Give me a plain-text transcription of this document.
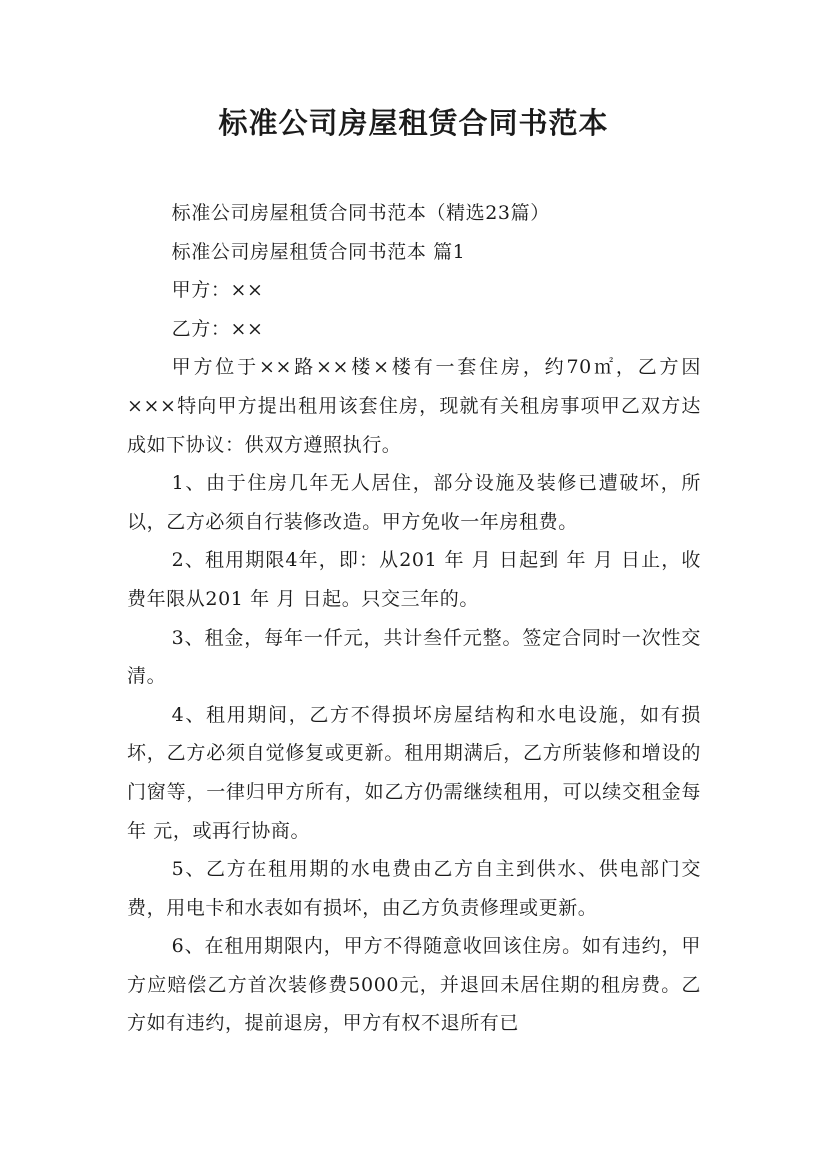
标准公司房屋租赁合同书范本

标准公司房屋租赁合同书范本（精选23篇）

标准公司房屋租赁合同书范本 篇1

甲方：××

乙方：××

甲方位于××路××楼×楼有一套住房，约70㎡，乙方因×××特向甲方提出租用该套住房，现就有关租房事项甲乙双方达成如下协议：供双方遵照执行。

1、由于住房几年无人居住，部分设施及装修已遭破坏，所以，乙方必须自行装修改造。甲方免收一年房租费。

2、租用期限4年，即：从201 年 月 日起到 年 月 日止，收费年限从201 年 月 日起。只交三年的。

3、租金，每年一仟元，共计叁仟元整。签定合同时一次性交清。

4、租用期间，乙方不得损坏房屋结构和水电设施，如有损坏，乙方必须自觉修复或更新。租用期满后，乙方所装修和增设的门窗等，一律归甲方所有，如乙方仍需继续租用，可以续交租金每年 元，或再行协商。

5、乙方在租用期的水电费由乙方自主到供水、供电部门交费，用电卡和水表如有损坏，由乙方负责修理或更新。

6、在租用期限内，甲方不得随意收回该住房。如有违约，甲方应赔偿乙方首次装修费5000元，并退回未居住期的租房费。乙方如有违约，提前退房，甲方有权不退所有已
